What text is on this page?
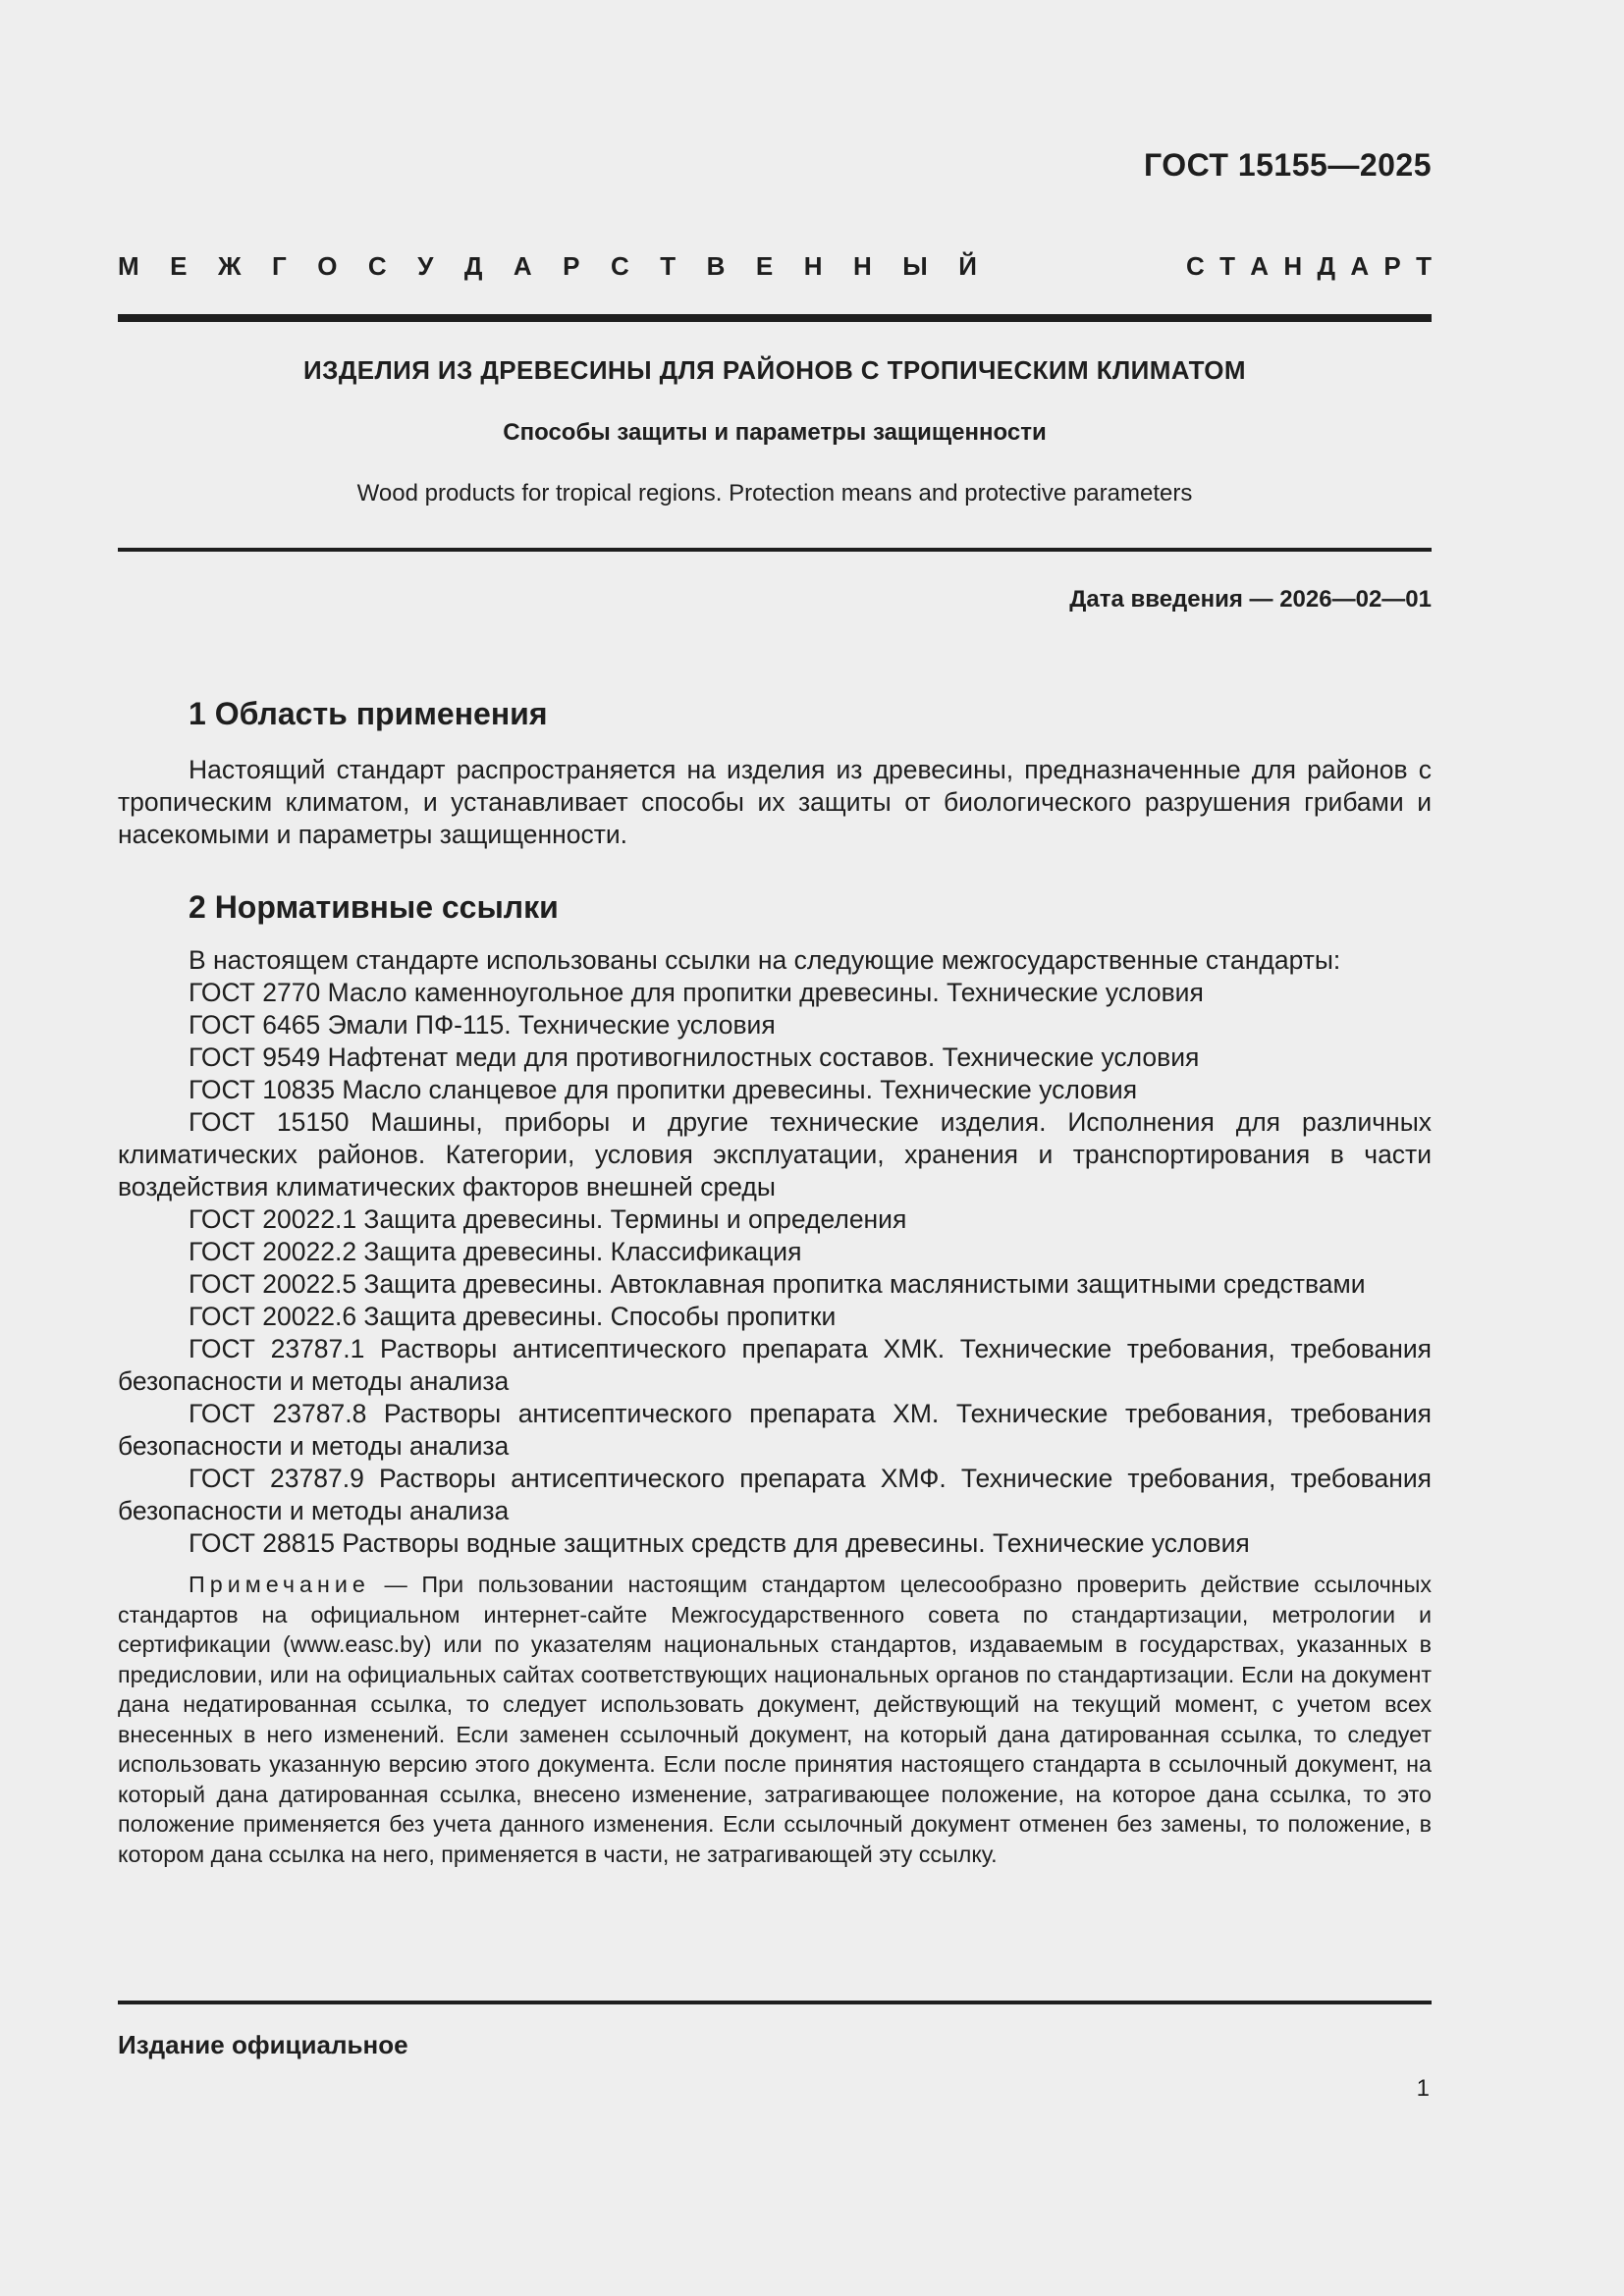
ГОСТ 15155—2025
М Е Ж Г О С У Д А Р С Т В Е Н Н Ы Й	С Т А Н Д А Р Т
ИЗДЕЛИЯ ИЗ ДРЕВЕСИНЫ ДЛЯ РАЙОНОВ С ТРОПИЧЕСКИМ КЛИМАТОМ
Способы защиты и параметры защищенности
Wood products for tropical regions. Protection means and protective parameters
Дата введения — 2026—02—01
1 Область применения

Настоящий стандарт распространяется на изделия из древесины, предназначенные для районов с тропическим климатом, и устанавливает способы их защиты от биологического разрушения грибами и насекомыми и параметры защищенности.

2 Нормативные ссылки

В настоящем стандарте использованы ссылки на следующие межгосударственные стандарты:

ГОСТ 2770 Масло каменноугольное для пропитки древесины. Технические условия

ГОСТ 6465 Эмали ПФ-115. Технические условия

ГОСТ 9549 Нафтенат меди для противогнилостных составов. Технические условия

ГОСТ 10835 Масло сланцевое для пропитки древесины. Технические условия

ГОСТ 15150 Машины, приборы и другие технические изделия. Исполнения для различных климатических районов. Категории, условия эксплуатации, хранения и транспортирования в части воздействия климатических факторов внешней среды

ГОСТ 20022.1 Защита древесины. Термины и определения

ГОСТ 20022.2 Защита древесины. Классификация

ГОСТ 20022.5 Защита древесины. Автоклавная пропитка маслянистыми защитными средствами

ГОСТ 20022.6 Защита древесины. Способы пропитки

ГОСТ 23787.1 Растворы антисептического препарата ХМК. Технические требования, требования безопасности и методы анализа

ГОСТ 23787.8 Растворы антисептического препарата ХМ. Технические требования, требования безопасности и методы анализа

ГОСТ 23787.9 Растворы антисептического препарата ХМФ. Технические требования, требования безопасности и методы анализа

ГОСТ 28815 Растворы водные защитных средств для древесины. Технические условия

Примечание — При пользовании настоящим стандартом целесообразно проверить действие ссылочных стандартов на официальном интернет-сайте Межгосударственного совета по стандартизации, метрологии и сертификации (www.easc.by) или по указателям национальных стандартов, издаваемым в государствах, указанных в предисловии, или на официальных сайтах соответствующих национальных органов по стандартизации. Если на документ дана недатированная ссылка, то следует использовать документ, действующий на текущий момент, с учетом всех внесенных в него изменений. Если заменен ссылочный документ, на который дана датированная ссылка, то следует использовать указанную версию этого документа. Если после принятия настоящего стандарта в ссылочный документ, на который дана датированная ссылка, внесено изменение, затрагивающее положение, на которое дана ссылка, то это положение применяется без учета данного изменения. Если ссылочный документ отменен без замены, то положение, в котором дана ссылка на него, применяется в части, не затрагивающей эту ссылку.

Издание официальное
1
